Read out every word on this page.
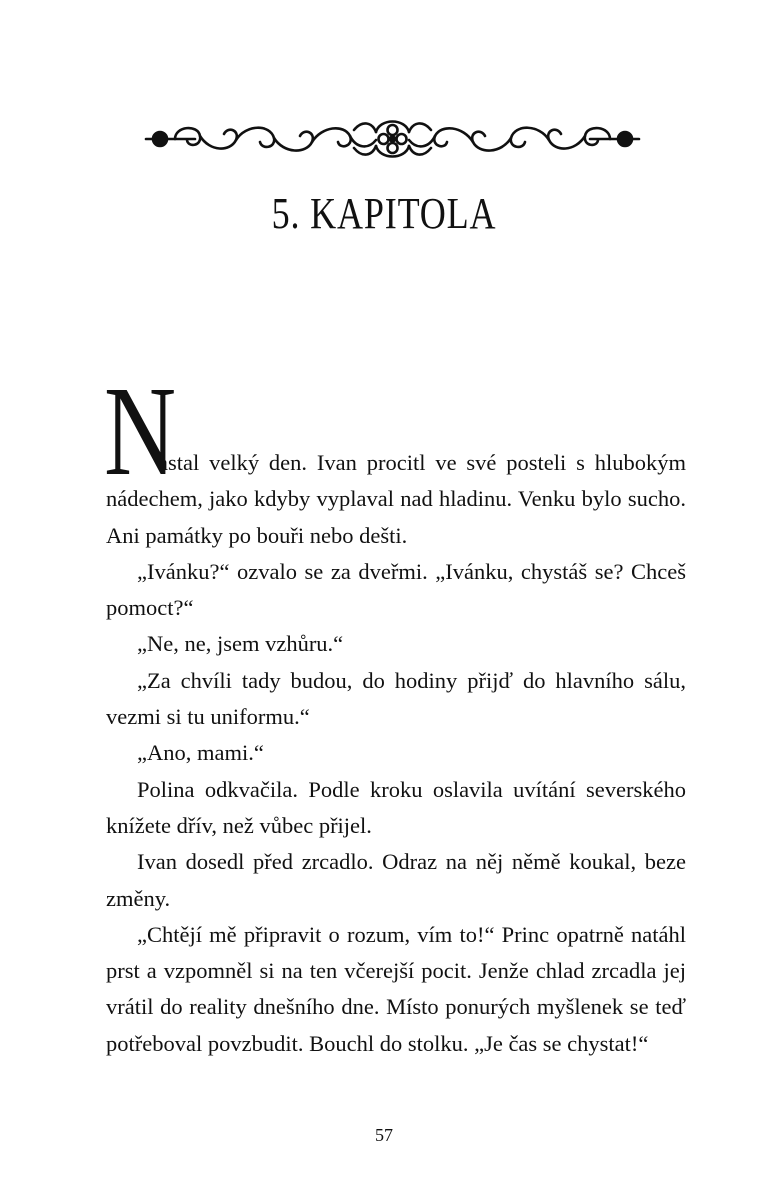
5. KAPITOLA

N
astal velký den. Ivan procitl ve své posteli s hlubokým nádechem, jako kdyby vyplaval nad hladinu. Venku bylo sucho. Ani památky po bouři nebo dešti.

„Ivánku?“ ozvalo se za dveřmi. „Ivánku, chystáš se? Chceš pomoct?“

„Ne, ne, jsem vzhůru.“

„Za chvíli tady budou, do hodiny přijď do hlavního sálu, vezmi si tu uniformu.“

„Ano, mami.“

Polina odkvačila. Podle kroku oslavila uvítání severského knížete dřív, než vůbec přijel.

Ivan dosedl před zrcadlo. Odraz na něj němě koukal, beze změny.

„Chtějí mě připravit o rozum, vím to!“ Princ opatrně natáhl prst a vzpomněl si na ten včerejší pocit. Jenže chlad zrcadla jej vrátil do reality dnešního dne. Místo ponurých myšlenek se teď potřeboval povzbudit. Bouchl do stolku. „Je čas se chystat!“

57
